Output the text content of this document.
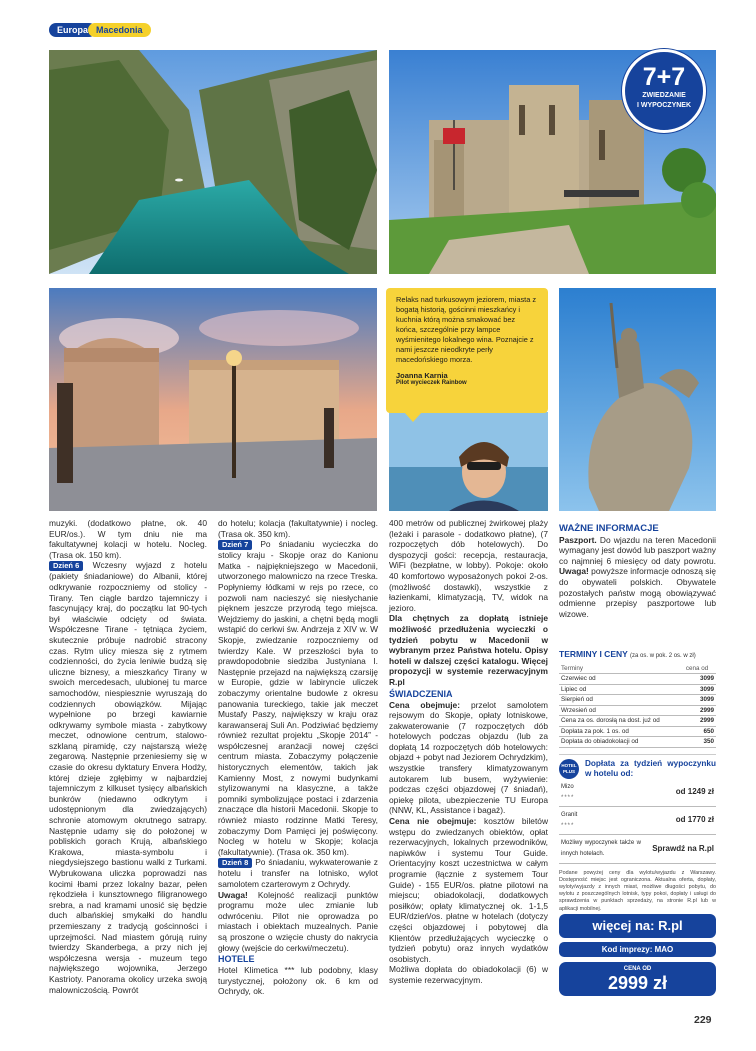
Europa Macedonia
7+7
ZWIEDZANIE
I WYPOCZYNEK
Relaks nad turkusowym jeziorem, miasta z bogatą historią, gościnni mieszkańcy i kuchnia którą można smakować bez końca, szczególnie przy lampce wyśmienitego lokalnego wina. Poznajcie z nami jeszcze nieodkryte perły macedońskiego morza.
Joanna Karnia
Pilot wycieczek Rainbow

muzyki. (dodatkowo płatne, ok. 40 EUR/os.). W tym dniu nie ma fakultatywnej kolacji w hotelu. Nocleg. (Trasa ok. 150 km).

Dzień 6 Wczesny wyjazd z hotelu (pakiety śniadaniowe) do Albanii, której odkrywanie rozpoczniemy od stolicy - Tirany. Ten ciągle bardzo tajemniczy i fascynujący kraj, do początku lat 90-tych był właściwie odcięty od świata. Współczesne Tirane - tętniąca życiem, skutecznie próbuje nadrobić stracony czas. Rytm ulicy miesza się z rytmem codzienności, do życia leniwie budzą się uliczne biznesy, a mieszkańcy Tirany w swoich mercedesach, ulubionej tu marce samochodów, niespiesznie wyruszają do codziennych obowiązków. Mijając wypełnione po brzegi kawiarnie odkrywamy symbole miasta - zabytkowy meczet, odnowione centrum, stalowo-szklaną piramidę, czy najstarszą wieżę zegarową. Następnie przeniesiemy się w czasie do okresu dyktatury Envera Hodży, której dzieje zgłębimy w najbardziej tajemniczym z kilkuset tysięcy albańskich bunkrów (niedawno odkrytym i udostępnionym dla zwiedzających) schronie atomowym okrutnego satrapy. Następnie udamy się do położonej w pobliskich gorach Krują, albańskiego Krakowa, miasta-symbolu i niegdysiejszego bastionu walki z Turkami. Wybrukowana uliczka poprowadzi nas kocimi łbami przez lokalny bazar, pełen rękodzieła i kunsztownego filigranowego srebra, a nad kramami unosić się będzie duch albańskiej smykałki do handlu przemieszany z tradycją gościnności i uprzejmości. Nad miastem górują ruiny twierdzy Skanderbega, a przy nich jej współczesna wersja - muzeum tego największego wojownika, Jerzego Kastrioty. Panorama okolicy urzeka swoją malowniczością. Powrót

do hotelu; kolacja (fakultatywnie) i nocleg. (Trasa ok. 350 km).

Dzień 7 Po śniadaniu wycieczka do stolicy kraju - Skopje oraz do Kanionu Matka - najpiękniejszego w Macedonii, utworzonego malowniczo na rzece Treska. Popłyniemy łódkami w rejs po rzece, co pozwoli nam nacieszyć się niesłychanie pięknem jeszcze przyrodą tego miejsca. Wejdziemy do jaskini, a chętni będą mogli wstąpić do cerkwi św. Andrzeja z XIV w. W Skopje, zwiedzanie rozpoczniemy od twierdzy Kale. W przeszłości była to prawdopodobnie siedziba Justyniana I. Następnie przejazd na największą czarsiję w Europie, gdzie w labiryncie uliczek zobaczymy orientalne budowle z okresu panowania tureckiego, takie jak meczet Mustafy Paszy, największy w kraju oraz karawanseraj Suli An. Podziwiać będziemy również rezultat projektu „Skopje 2014” - współczesnej aranżacji nowej części centrum miasta. Zobaczymy połączenie historycznych elementów, takich jak Kamienny Most, z nowymi budynkami stylizowanymi na klasyczne, a także pomniki symbolizujące postaci i zdarzenia znaczące dla historii Macedonii. Skopje to również miasto rodzinne Matki Teresy, zobaczymy Dom Pamięci jej poświęcony. Nocleg w hotelu w Skopje; kolacja (fakultatywnie). (Trasa ok. 350 km).

Dzień 8 Po śniadaniu, wykwaterowanie z hotelu i transfer na lotnisko, wylot samolotem czarterowym z Ochrydy.

Uwaga! Kolejność realizacji punktów programu może ulec zmianie lub odwróceniu. Pilot nie oprowadza po miastach i obiektach muzealnych. Panie są proszone o wzięcie chusty do nakrycia głowy (wejście do cerkwi/meczetu).

HOTELE

Hotel Klimetica *** lub podobny, klasy turystycznej, położony ok. 6 km od Ochrydy, ok.

400 metrów od publicznej żwirkowej plaży (leżaki i parasole - dodatkowo płatne), (7 rozpoczętych dób hotelowych). Do dyspozycji gości: recepcja, restauracja, WiFi (bezpłatne, w lobby). Pokoje: około 40 komfortowo wyposażonych pokoi 2-os. (możliwość dostawki), wszystkie z łazienkami, klimatyzacją, TV, widok na jezioro.

Dla chętnych za dopłatą istnieje możliwość przedłużenia wycieczki o tydzień pobytu w Macedonii w wybranym przez Państwa hotelu. Opisy hoteli w dalszej części katalogu. Więcej propozycji w systemie rezerwacyjnym R.pl

ŚWIADCZENIA

Cena obejmuje: przelot samolotem rejsowym do Skopje, opłaty lotniskowe, zakwaterowanie (7 rozpoczętych dób hotelowych podczas objazdu (lub za dopłatą 14 rozpoczętych dób hotelowych: objazd + pobyt nad Jeziorem Ochrydzkim), wszystkie transfery klimatyzowanym autokarem lub busem, wyżywienie: podczas części objazdowej (7 śniadań), opiekę pilota, ubezpieczenie TU Europa (NNW, KL, Assistance i bagaż).

Cena nie obejmuje: kosztów biletów wstępu do zwiedzanych obiektów, opłat rezerwacyjnych, lokalnych przewodników, napiwków i systemu Tour Guide. Orientacyjny koszt uczestnictwa w całym programie (łącznie z systemem Tour Guide) - 155 EUR/os. płatne pilotowi na miejscu; obiadokolacji, dodatkowych posiłków; opłaty klimatycznej ok. 1-1,5 EUR/dzień/os. płatne w hotelach (dotyczy części objazdowej i pobytowej dla Klientów przedłużających wycieczkę o tydzień pobytu) oraz innych wydatków osobistych.

Możliwa dopłata do obiadokolacji (6) w systemie rezerwacyjnym.

WAŻNE INFORMACJE

Paszport. Do wjazdu na teren Macedonii wymagany jest dowód lub paszport ważny co najmniej 6 miesięcy od daty powrotu. Uwaga! powyższe informacje odnoszą się do obywateli polskich. Obywatele pozostałych państw mogą obowiązywać odmienne przepisy paszportowe lub wizowe.

TERMINY I CENY (za os. w pok. 2 os. w zł)
Terminy	cena od
Czerwiec od	3099
Lipiec od	3099
Sierpień od	3099
Wrzesień od	2999
Cena za os. dorosłą na dost. już od	2999
Dopłata za pok. 1 os. od	650
Dopłata do obiadokolacji od	350
HOTEL
PLUS
Dopłata za tydzień wypoczynku w hotelu od:
Mizo
****
od 1249 zł
Granit
****
od 1770 zł
Możliwy wypoczynek także w innych hotelach.
Sprawdź na R.pl
Podane powyżej ceny dla wylotu/wyjazdu z Warszawy. Dostępność miejsc jest ograniczona. Aktualna oferta, dopłaty, wyloty/wyjazdy z innych miast, możliwe długości pobytu, do wylotu z poszczególnych lotnisk, typy pokoi, dopłaty i usługi do sprawdzenia w punktach sprzedaży, na stronie R.pl lub w aplikacji mobilnej.
więcej na: R.pl
Kod imprezy: MAO
CENA OD
2999 zł
229
